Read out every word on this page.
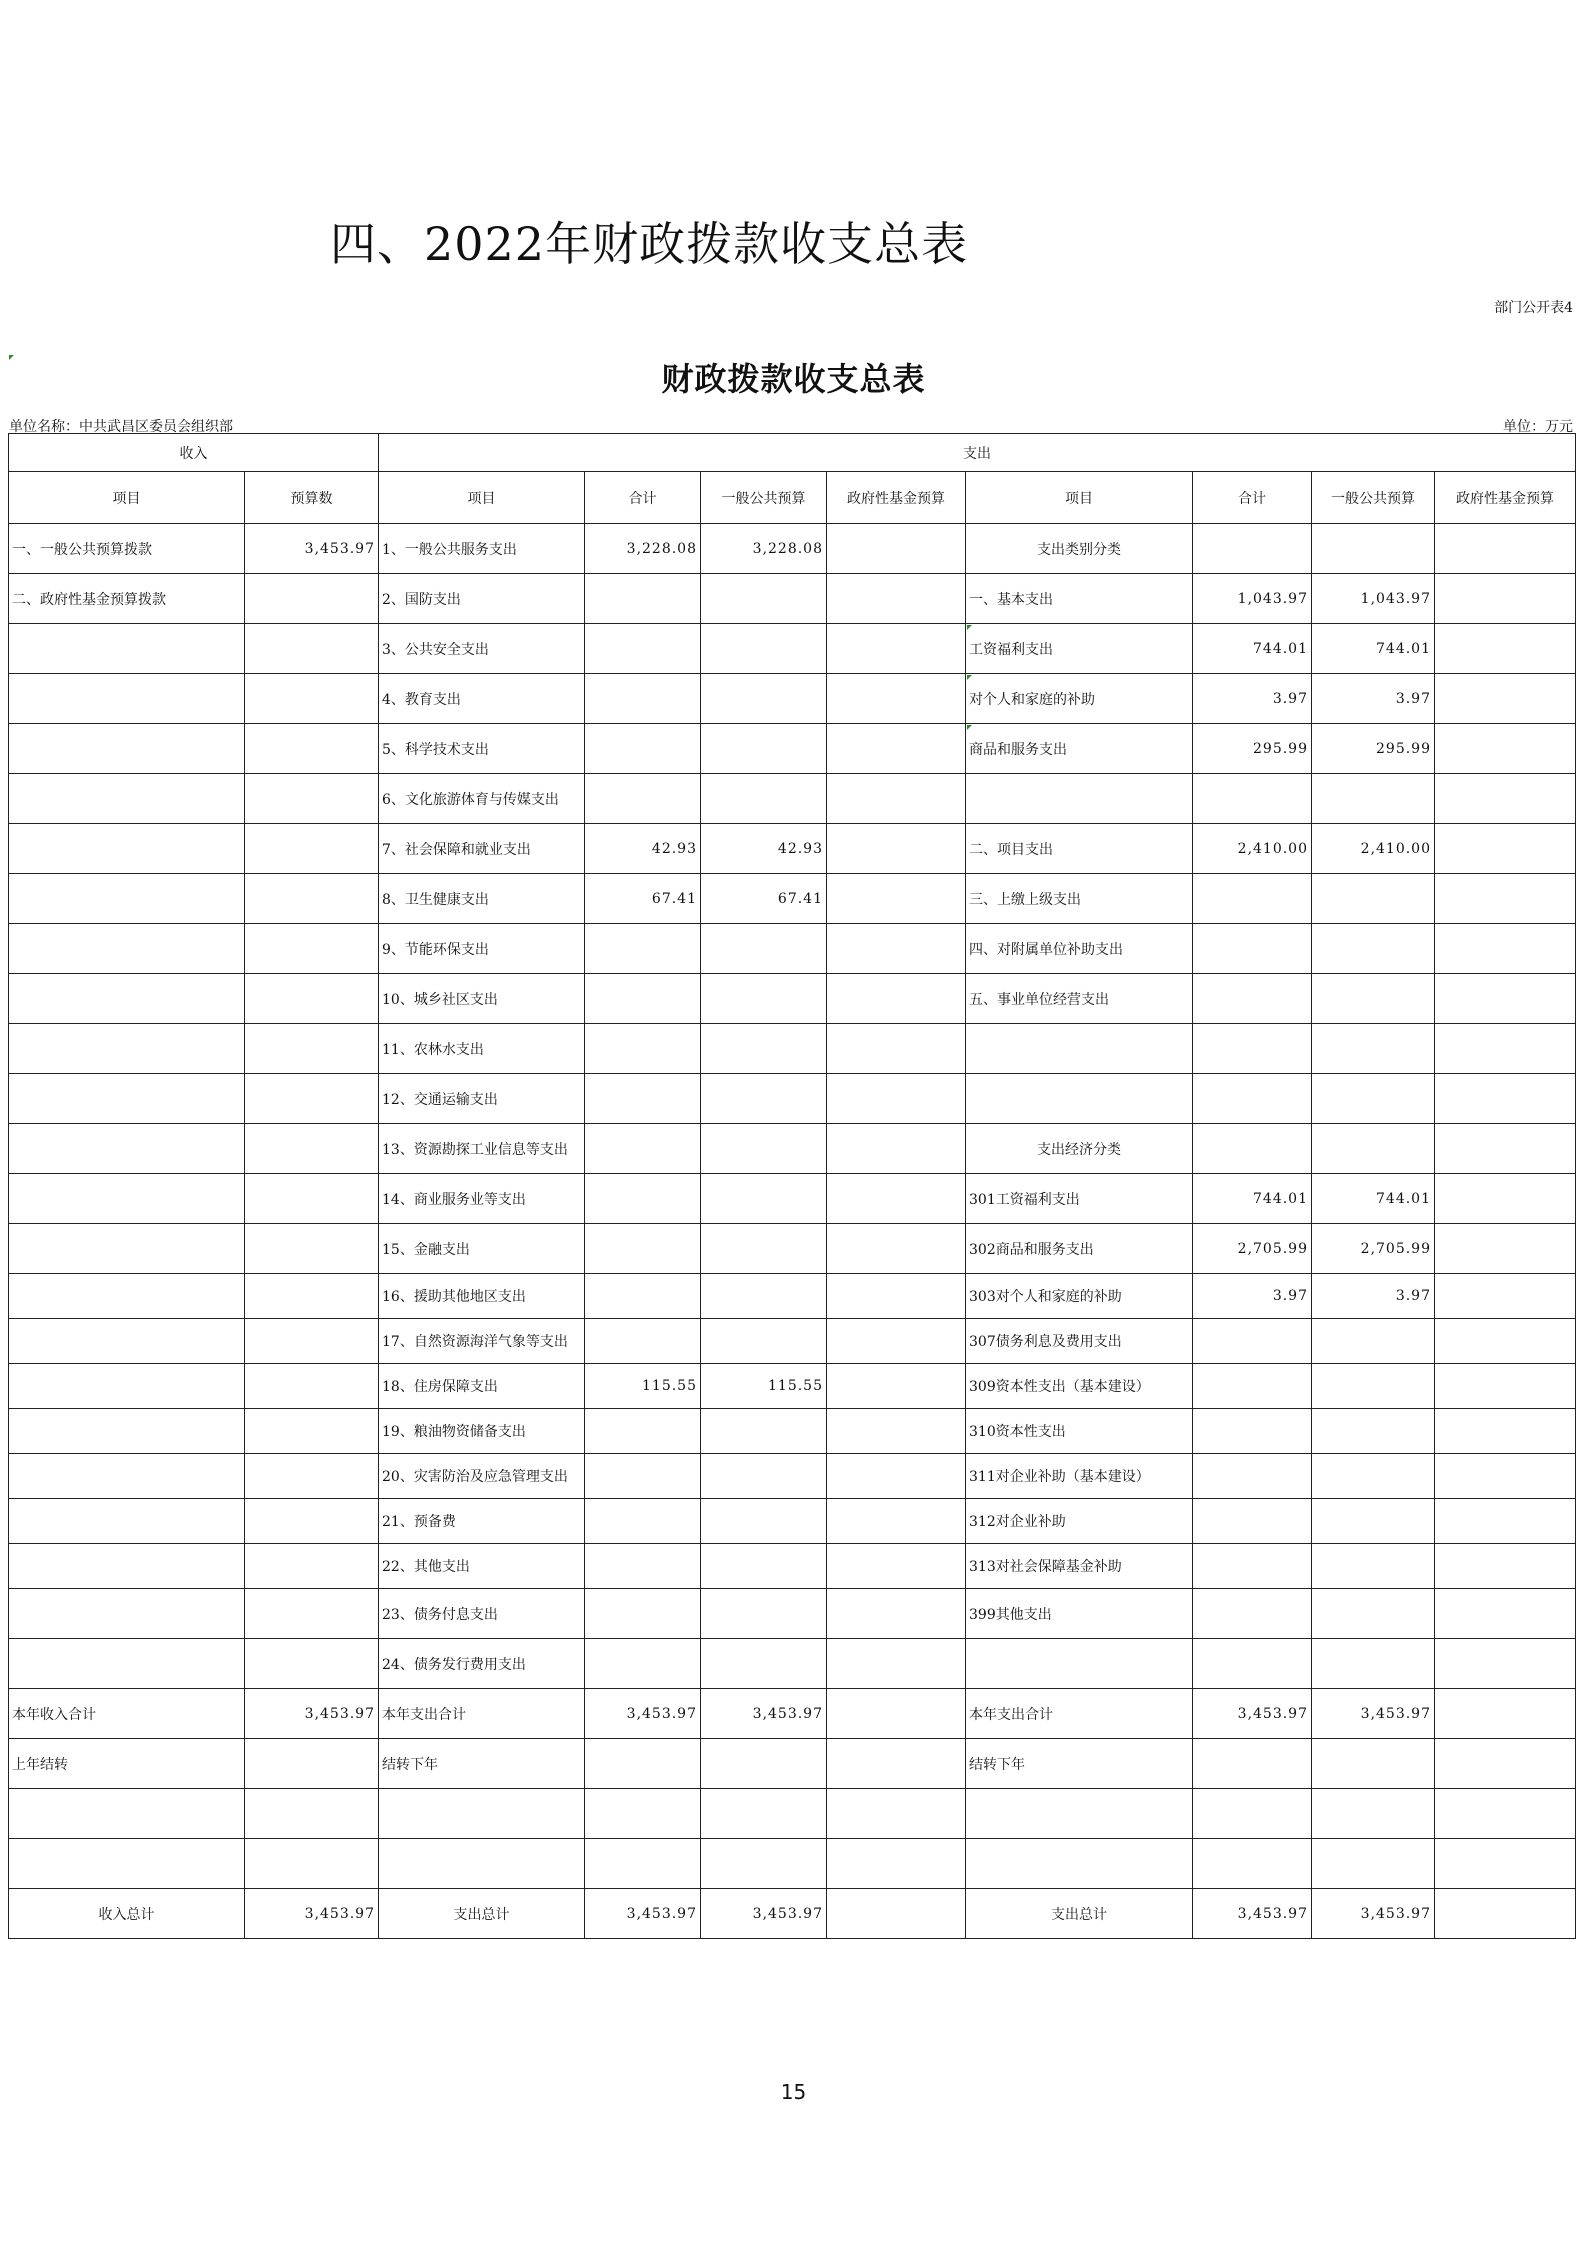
四、2022年财政拨款收支总表
部门公开表4
财政拨款收支总表
单位名称：中共武昌区委员会组织部	单位：万元
收入		支出							
项目	预算数	项目	合计	一般公共预算	政府性基金预算	项目	合计	一般公共预算	政府性基金预算
一、一般公共预算拨款	3,453.97	1、一般公共服务支出	3,228.08	3,228.08		支出类别分类			
二、政府性基金预算拨款		2、国防支出				一、基本支出	1,043.97	1,043.97	
		3、公共安全支出				工资福利支出	744.01	744.01	
		4、教育支出				对个人和家庭的补助	3.97	3.97	
		5、科学技术支出				商品和服务支出	295.99	295.99	
		6、文化旅游体育与传媒支出							
		7、社会保障和就业支出	42.93	42.93		二、项目支出	2,410.00	2,410.00	
		8、卫生健康支出	67.41	67.41		三、上缴上级支出			
		9、节能环保支出				四、对附属单位补助支出			
		10、城乡社区支出				五、事业单位经营支出			
		11、农林水支出							
		12、交通运输支出							
		13、资源勘探工业信息等支出				支出经济分类			
		14、商业服务业等支出				301工资福利支出	744.01	744.01	
		15、金融支出				302商品和服务支出	2,705.99	2,705.99	
		16、援助其他地区支出				303对个人和家庭的补助	3.97	3.97	
		17、自然资源海洋气象等支出				307债务利息及费用支出			
		18、住房保障支出	115.55	115.55		309资本性支出（基本建设）			
		19、粮油物资储备支出				310资本性支出			
		20、灾害防治及应急管理支出				311对企业补助（基本建设）			
		21、预备费				312对企业补助			
		22、其他支出				313对社会保障基金补助			
		23、债务付息支出				399其他支出			
		24、债务发行费用支出							
本年收入合计	3,453.97	本年支出合计	3,453.97	3,453.97		本年支出合计	3,453.97	3,453.97	
上年结转		结转下年				结转下年			

收入总计	3,453.97	支出总计	3,453.97	3,453.97		支出总计	3,453.97	3,453.97	
15
